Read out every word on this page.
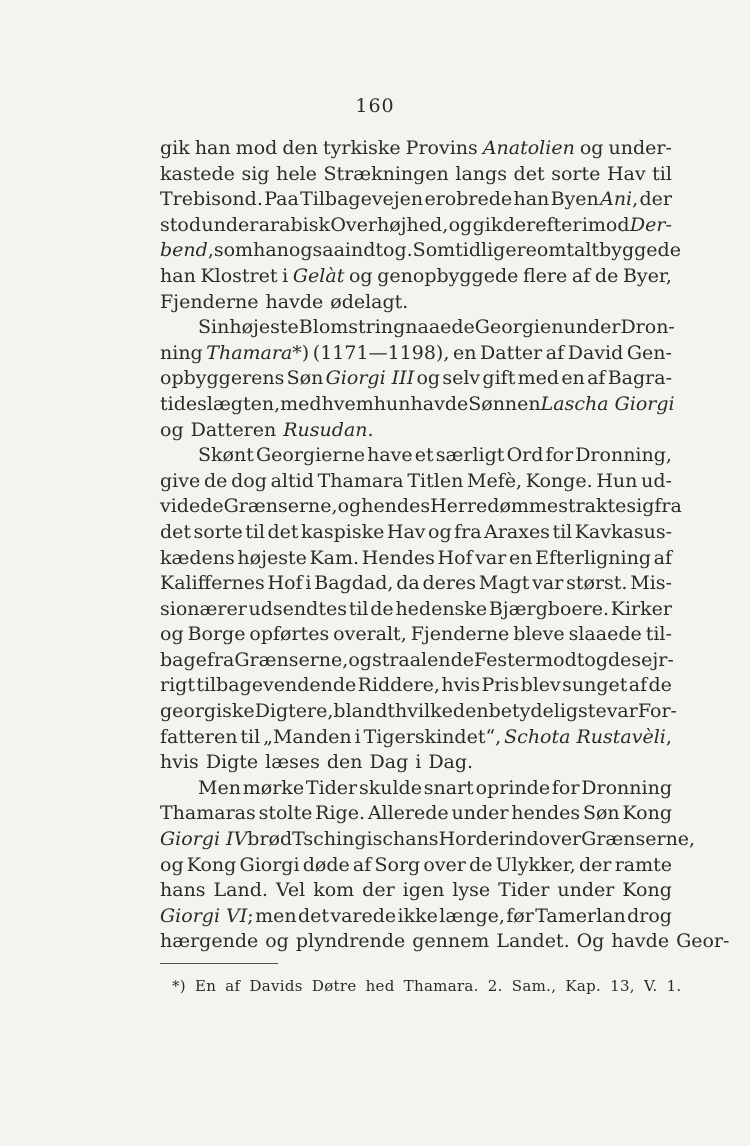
160
gik han mod den tyrkiske Provins Anatolien og under-
kastede sig hele Strækningen langs det sorte Hav til
Trebisond. Paa Tilbagevejen erobrede han Byen Ani, der
stod under arabisk Overhøjhed, og gik derefter imod Der-
bend, som han ogsaa indtog. Som tidligere omtalt byggede
han Klostret i Gelàt og genopbyggede flere af de Byer,
Fjenderne havde ødelagt.
Sin højeste Blomstring naaede Georgien under Dron-
ning Thamara*) (1171—1198), en Datter af David Gen-
opbyggerens Søn Giorgi III og selv gift med en af Bagra-
tideslægten, med hvem hun havde Sønnen Lascha Giorgi
og Datteren Rusudan.
Skønt Georgierne have et særligt Ord for Dronning,
give de dog altid Thamara Titlen Mefè, Konge. Hun ud-
videde Grænserne, og hendes Herredømme strakte sig fra
det sorte til det kaspiske Hav og fra Araxes til Kavkasus-
kædens højeste Kam. Hendes Hof var en Efterligning af
Kaliffernes Hof i Bagdad, da deres Magt var størst. Mis-
sionærer udsendtes til de hedenske Bjærgboere. Kirker
og Borge opførtes overalt, Fjenderne bleve slaaede til-
bage fra Grænserne, og straalende Fester modtog de sejr-
rigt tilbagevendende Riddere, hvis Pris blev sunget af de
georgiske Digtere, blandt hvilke den betydeligste var For-
fatteren til „Manden i Tigerskindet“, Schota Rustavèli,
hvis Digte læses den Dag i Dag.
Men mørke Tider skulde snart oprinde for Dronning
Thamaras stolte Rige. Allerede under hendes Søn Kong
Giorgi IV brød Tschingischans Horder ind over Grænserne,
og Kong Giorgi døde af Sorg over de Ulykker, der ramte
hans Land. Vel kom der igen lyse Tider under Kong
Giorgi VI; men det varede ikke længe, før Tamerlan drog
hærgende og plyndrende gennem Landet. Og havde Geor-
*) En af Davids Døtre hed Thamara. 2. Sam., Kap. 13, V. 1.
